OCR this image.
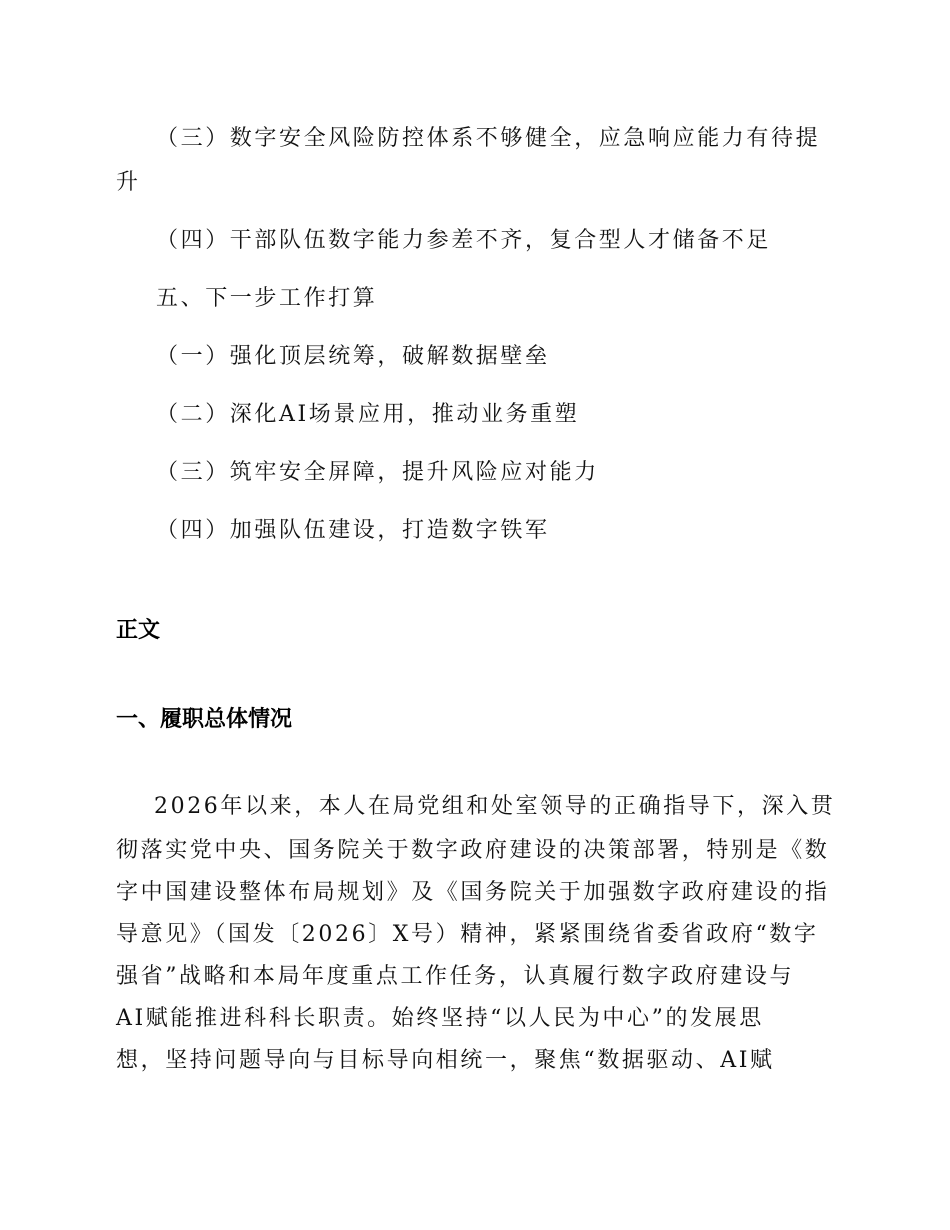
（三）数字安全风险防控体系不够健全，应急响应能力有待提
升
（四）干部队伍数字能力参差不齐，复合型人才储备不足
五、下一步工作打算
（一）强化顶层统筹，破解数据壁垒
（二）深化AI场景应用，推动业务重塑
（三）筑牢安全屏障，提升风险应对能力
（四）加强队伍建设，打造数字铁军
正文
一、履职总体情况
2026年以来，本人在局党组和处室领导的正确指导下，深入贯
彻落实党中央、国务院关于数字政府建设的决策部署，特别是《数
字中国建设整体布局规划》及《国务院关于加强数字政府建设的指
导意见》（国发〔2026〕X号）精神，紧紧围绕省委省政府“数字
强省”战略和本局年度重点工作任务，认真履行数字政府建设与
AI赋能推进科科长职责。始终坚持“以人民为中心”的发展思
想，坚持问题导向与目标导向相统一，聚焦“数据驱动、AI赋
